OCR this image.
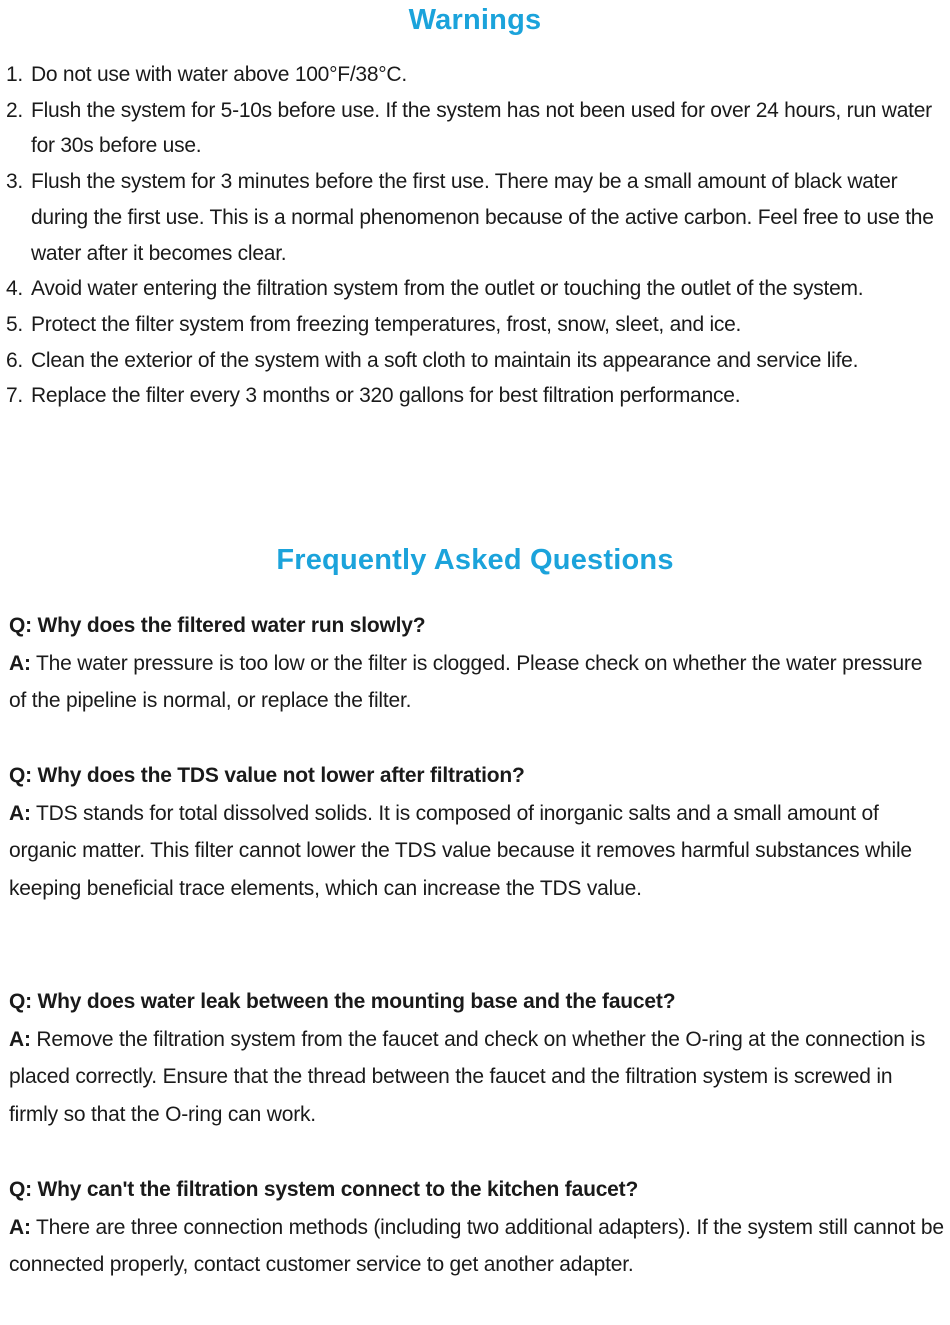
Warnings
1. Do not use with water above 100°F/38°C.
2. Flush the system for 5-10s before use. If the system has not been used for over 24 hours, run water for 30s before use.
3. Flush the system for 3 minutes before the first use. There may be a small amount of black water during the first use. This is a normal phenomenon because of the active carbon. Feel free to use the water after it becomes clear.
4. Avoid water entering the filtration system from the outlet or touching the outlet of the system.
5. Protect the filter system from freezing temperatures, frost, snow, sleet, and ice.
6. Clean the exterior of the system with a soft cloth to maintain its appearance and service life.
7. Replace the filter every 3 months or 320 gallons for best filtration performance.
Frequently Asked Questions

Q: Why does the filtered water run slowly?

A: The water pressure is too low or the filter is clogged. Please check on whether the water pressure of the pipeline is normal, or replace the filter.

Q: Why does the TDS value not lower after filtration?

A: TDS stands for total dissolved solids. It is composed of inorganic salts and a small amount of organic matter. This filter cannot lower the TDS value because it removes harmful substances while keeping beneficial trace elements, which can increase the TDS value.

Q: Why does water leak between the mounting base and the faucet?

A: Remove the filtration system from the faucet and check on whether the O-ring at the connection is placed correctly. Ensure that the thread between the faucet and the filtration system is screwed in firmly so that the O-ring can work.

Q: Why can't the filtration system connect to the kitchen faucet?

A: There are three connection methods (including two additional adapters). If the system still cannot be connected properly, contact customer service to get another adapter.
